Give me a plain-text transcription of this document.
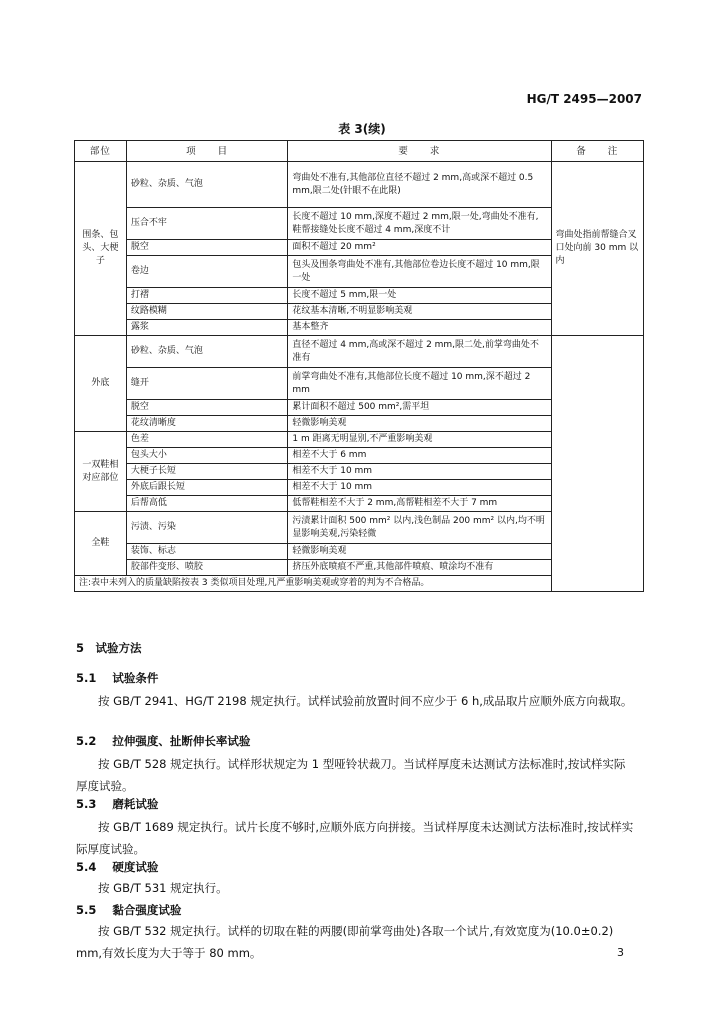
HG/T 2495—2007
表 3(续)
部位	项　　目	要　　求	备　　注
围条、包头、大梗子	砂粒、杂质、气泡	弯曲处不准有,其他部位直径不超过 2 mm,高或深不超过 0.5 mm,限二处(针眼不在此限)	弯曲处指前帮缝合叉口处向前 30 mm 以内
	压合不牢	长度不超过 10 mm,深度不超过 2 mm,限一处,弯曲处不准有,鞋帮接缝处长度不超过 4 mm,深度不计	
	脱空	面积不超过 20 mm²	
	卷边	包头及围条弯曲处不准有,其他部位卷边长度不超过 10 mm,限一处	
	打褶	长度不超过 5 mm,限一处	
	纹路模糊	花纹基本清晰,不明显影响美观	
	露浆	基本整齐	
外底	砂粒、杂质、气泡	直径不超过 4 mm,高或深不超过 2 mm,限二处,前掌弯曲处不准有	
	缝开	前掌弯曲处不准有,其他部位长度不超过 10 mm,深不超过 2 mm	
	脱空	累计面积不超过 500 mm²,需平坦	
	花纹清晰度	轻微影响美观	
一双鞋相对应部位	色差	1 m 距离无明显别,不严重影响美观	
	包头大小	相差不大于 6 mm	
	大梗子长短	相差不大于 10 mm	
	外底后跟长短	相差不大于 10 mm	
	后帮高低	低帮鞋相差不大于 2 mm,高帮鞋相差不大于 7 mm	
全鞋	污渍、污染	污渍累计面积 500 mm² 以内,浅色制品 200 mm² 以内,均不明显影响美观,污染轻微	
	装饰、标志	轻微影响美观	
	胶部件变形、喷胶	挤压外底喷痕不严重,其他部件喷痕、喷涂均不准有	
注:表中未列入的质量缺陷按表 3 类似项目处理,凡严重影响美观或穿着的判为不合格品。			
5　试验方法
5.1 试验条件
按 GB/T 2941、HG/T 2198 规定执行。试样试验前放置时间不应少于 6 h,成品取片应顺外底方向裁取。
5.2 拉伸强度、扯断伸长率试验
按 GB/T 528 规定执行。试样形状规定为 1 型哑铃状裁刀。当试样厚度未达测试方法标准时,按试样实际厚度试验。
5.3 磨耗试验
按 GB/T 1689 规定执行。试片长度不够时,应顺外底方向拼接。当试样厚度未达测试方法标准时,按试样实际厚度试验。
5.4 硬度试验
按 GB/T 531 规定执行。
5.5 黏合强度试验
按 GB/T 532 规定执行。试样的切取在鞋的两腰(即前掌弯曲处)各取一个试片,有效宽度为(10.0±0.2) mm,有效长度为大于等于 80 mm。	3
